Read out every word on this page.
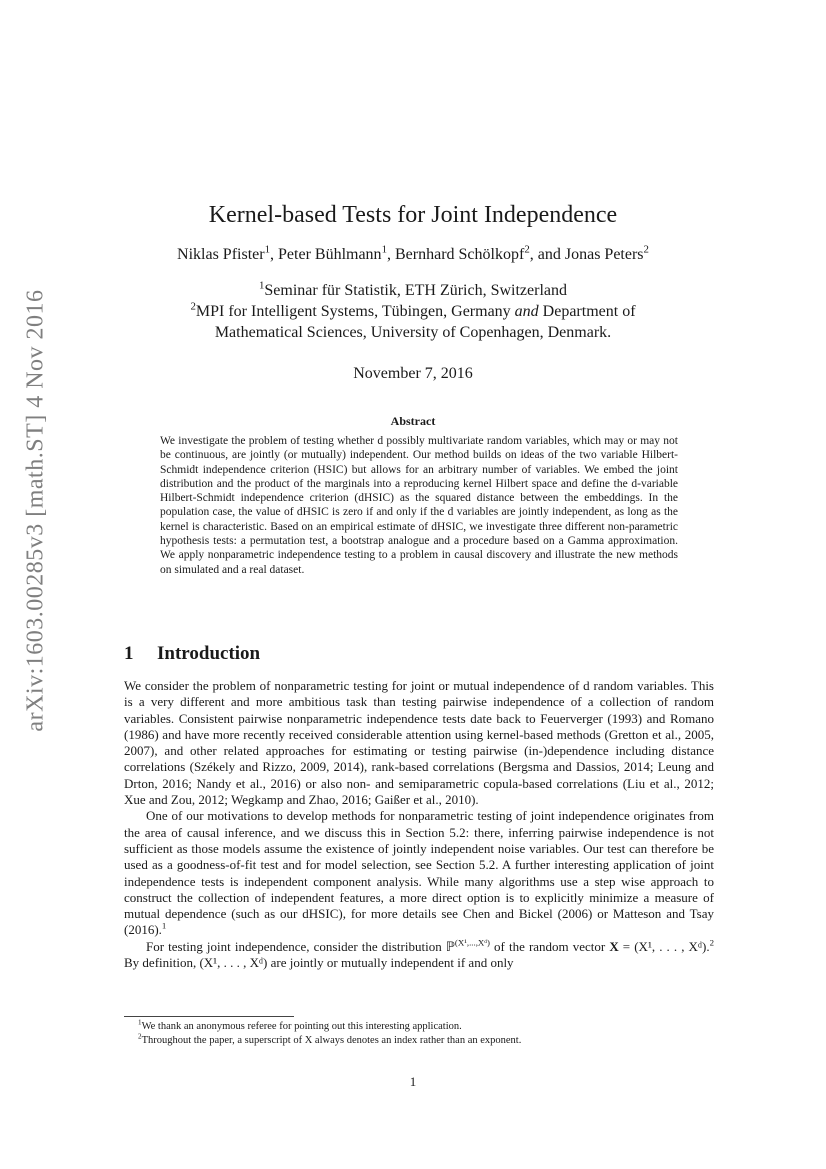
arXiv:1603.00285v3 [math.ST] 4 Nov 2016
Kernel-based Tests for Joint Independence
Niklas Pfister$^1$, Peter Bühlmann$^1$, Bernhard Schölkopf$^2$, and Jonas Peters$^2$
$^1$Seminar für Statistik, ETH Zürich, Switzerland
$^2$MPI for Intelligent Systems, Tübingen, Germany and Department of
Mathematical Sciences, University of Copenhagen, Denmark.
November 7, 2016
Abstract

We investigate the problem of testing whether d possibly multivariate random variables, which may or may not be continuous, are jointly (or mutually) independent. Our method builds on ideas of the two variable Hilbert-Schmidt independence criterion (HSIC) but allows for an arbitrary number of variables. We embed the joint distribution and the product of the marginals into a reproducing kernel Hilbert space and define the d-variable Hilbert-Schmidt independence criterion (dHSIC) as the squared distance between the embeddings. In the population case, the value of dHSIC is zero if and only if the d variables are jointly independent, as long as the kernel is characteristic. Based on an empirical estimate of dHSIC, we investigate three different non-parametric hypothesis tests: a permutation test, a bootstrap analogue and a procedure based on a Gamma approximation. We apply nonparametric independence testing to a problem in causal discovery and illustrate the new methods on simulated and a real dataset.

1 Introduction

We consider the problem of nonparametric testing for joint or mutual independence of d random variables. This is a very different and more ambitious task than testing pairwise independence of a collection of random variables. Consistent pairwise nonparametric independence tests date back to Feuerverger (1993) and Romano (1986) and have more recently received considerable attention using kernel-based methods (Gretton et al., 2005, 2007), and other related approaches for estimating or testing pairwise (in-)dependence including distance correlations (Székely and Rizzo, 2009, 2014), rank-based correlations (Bergsma and Dassios, 2014; Leung and Drton, 2016; Nandy et al., 2016) or also non- and semiparametric copula-based correlations (Liu et al., 2012; Xue and Zou, 2012; Wegkamp and Zhao, 2016; Gaißer et al., 2010).

One of our motivations to develop methods for nonparametric testing of joint independence originates from the area of causal inference, and we discuss this in Section 5.2: there, inferring pairwise independence is not sufficient as those models assume the existence of jointly independent noise variables. Our test can therefore be used as a goodness-of-fit test and for model selection, see Section 5.2. A further interesting application of joint independence tests is independent component analysis. While many algorithms use a step wise approach to construct the collection of independent features, a more direct option is to explicitly minimize a measure of mutual dependence (such as our dHSIC), for more details see Chen and Bickel (2006) or Matteson and Tsay (2016).$^1$

For testing joint independence, consider the distribution ℙ$^{(X^1,...,Xᵈ)}$ of the random vector X = (X¹, . . . , Xᵈ).$^2$ By definition, (X¹, . . . , Xᵈ) are jointly or mutually independent if and only

$^1$We thank an anonymous referee for pointing out this interesting application.

$^2$Throughout the paper, a superscript of X always denotes an index rather than an exponent.

1
